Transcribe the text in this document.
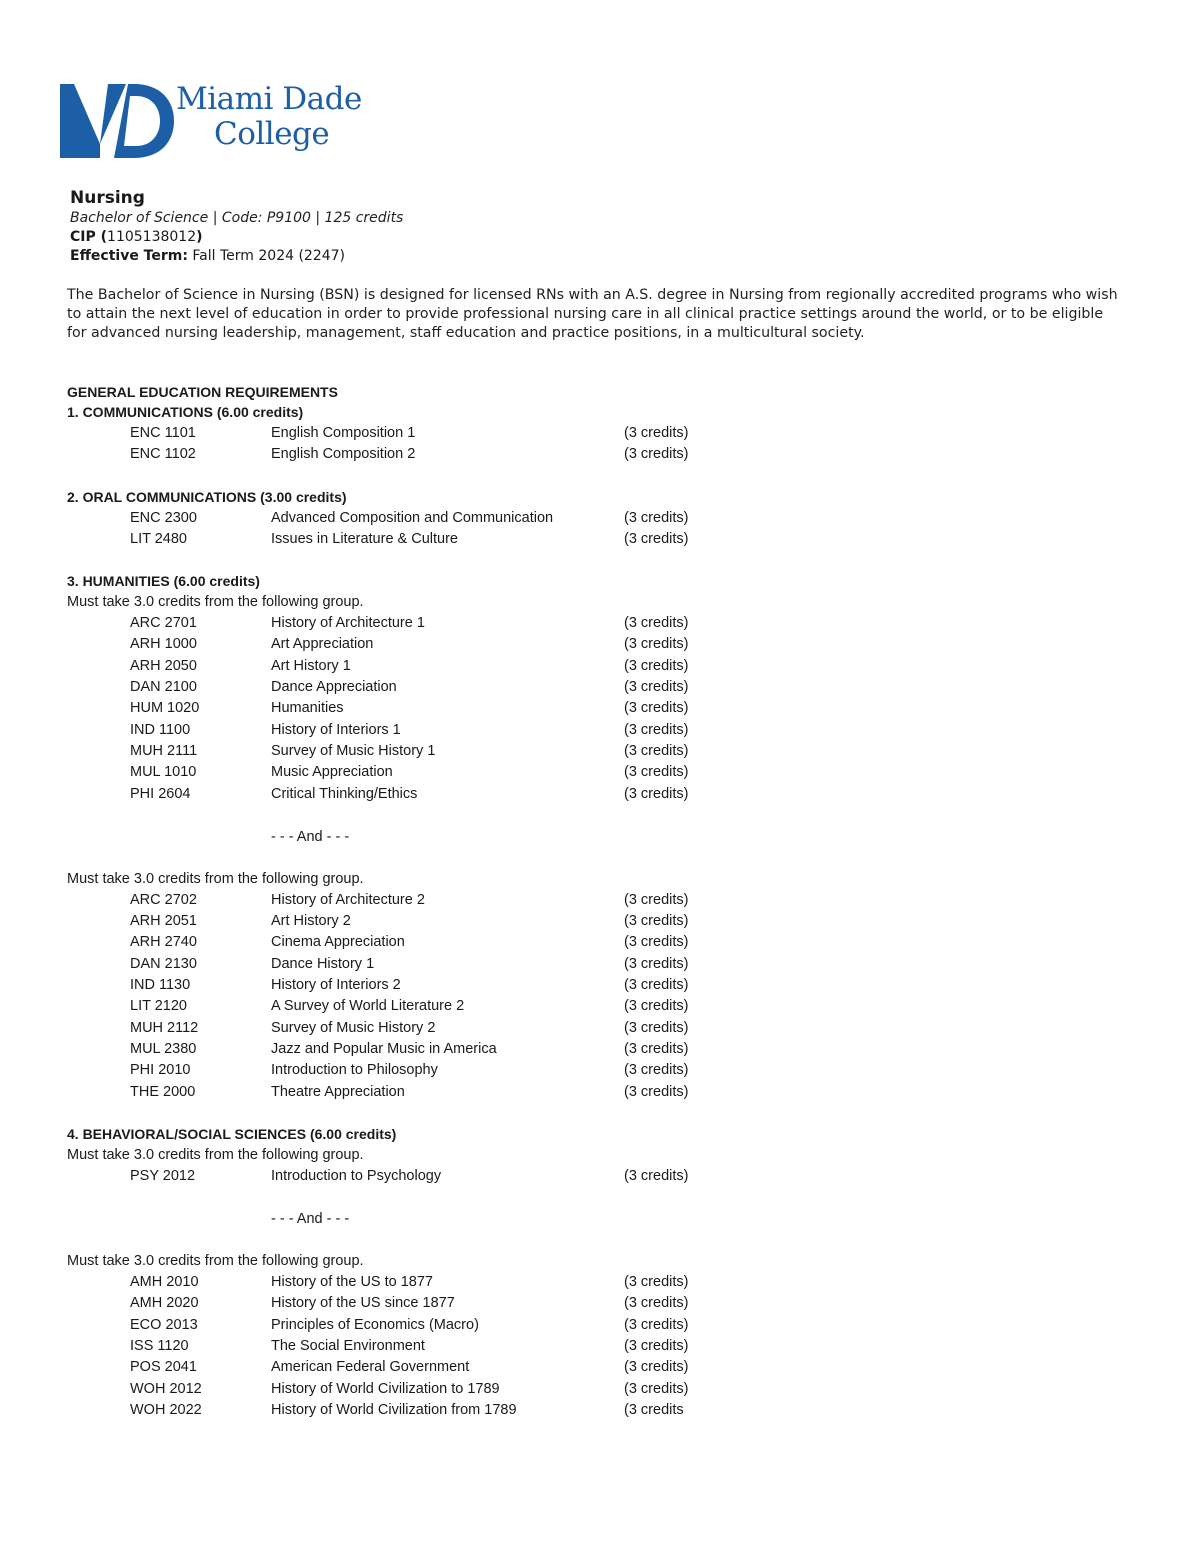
Miami Dade
College
Nursing
Bachelor of Science | Code: P9100 | 125 credits
CIP (1105138012)
Effective Term: Fall Term 2024 (2247)
The Bachelor of Science in Nursing (BSN) is designed for licensed RNs with an A.S. degree in Nursing from regionally accredited programs who wish to attain the next level of education in order to provide professional nursing care in all clinical practice settings around the world, or to be eligible for advanced nursing leadership, management, staff education and practice positions, in a multicultural society.
GENERAL EDUCATION REQUIREMENTS
1. COMMUNICATIONS (6.00 credits)
ENC 1101	English Composition 1	(3 credits)
ENC 1102	English Composition 2	(3 credits)
2. ORAL COMMUNICATIONS (3.00 credits)
ENC 2300	Advanced Composition and Communication	(3 credits)
LIT 2480	Issues in Literature & Culture	(3 credits)
3. HUMANITIES (6.00 credits)
Must take 3.0 credits from the following group.
ARC 2701	History of Architecture 1	(3 credits)
ARH 1000	Art Appreciation	(3 credits)
ARH 2050	Art History 1	(3 credits)
DAN 2100	Dance Appreciation	(3 credits)
HUM 1020	Humanities	(3 credits)
IND 1100	History of Interiors 1	(3 credits)
MUH 2111	Survey of Music History 1	(3 credits)
MUL 1010	Music Appreciation	(3 credits)
PHI 2604	Critical Thinking/Ethics	(3 credits)
- - - And - - -
Must take 3.0 credits from the following group.
ARC 2702	History of Architecture 2	(3 credits)
ARH 2051	Art History 2	(3 credits)
ARH 2740	Cinema Appreciation	(3 credits)
DAN 2130	Dance History 1	(3 credits)
IND 1130	History of Interiors 2	(3 credits)
LIT 2120	A Survey of World Literature 2	(3 credits)
MUH 2112	Survey of Music History 2	(3 credits)
MUL 2380	Jazz and Popular Music in America	(3 credits)
PHI 2010	Introduction to Philosophy	(3 credits)
THE 2000	Theatre Appreciation	(3 credits)
4. BEHAVIORAL/SOCIAL SCIENCES (6.00 credits)
Must take 3.0 credits from the following group.
PSY 2012	Introduction to Psychology	(3 credits)
- - - And - - -
Must take 3.0 credits from the following group.
AMH 2010	History of the US to 1877	(3 credits)
AMH 2020	History of the US since 1877	(3 credits)
ECO 2013	Principles of Economics (Macro)	(3 credits)
ISS 1120	The Social Environment	(3 credits)
POS 2041	American Federal Government	(3 credits)
WOH 2012	History of World Civilization to 1789	(3 credits)
WOH 2022	History of World Civilization from 1789	(3 credits
